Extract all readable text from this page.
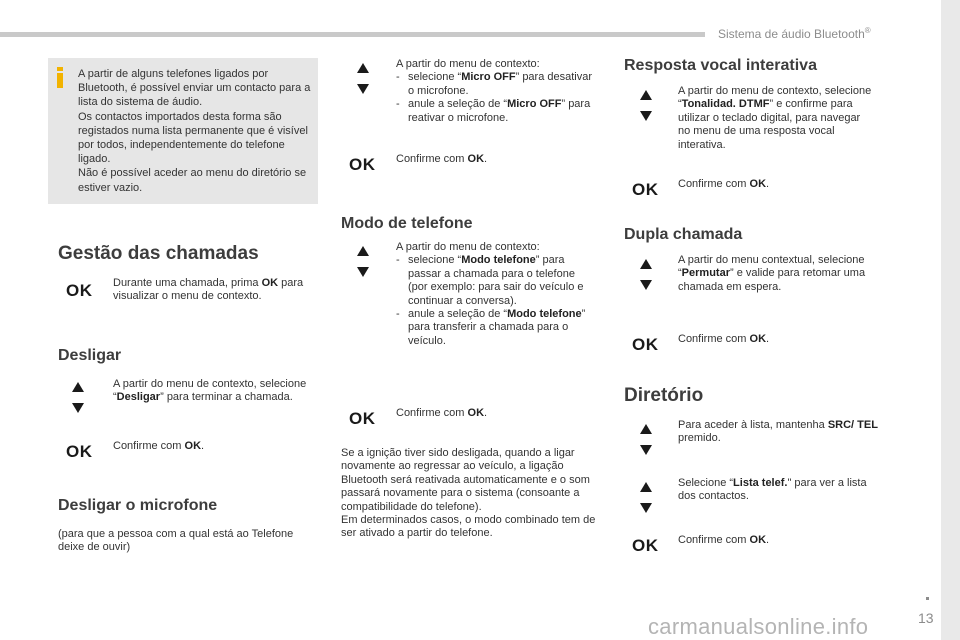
Sistema de áudio Bluetooth®
13
carmanualsonline.info
A partir de alguns telefones ligados por Bluetooth, é possível enviar um contacto para a lista do sistema de áudio.
Os contactos importados desta forma são registados numa lista permanente que é visível por todos, independentemente do telefone ligado.
Não é possível aceder ao menu do diretório se estiver vazio.
Gestão das chamadas
OK Durante uma chamada, prima OK para visualizar o menu de contexto.
Desligar
A partir do menu de contexto, selecione “Desligar” para terminar a chamada.
OK Confirme com OK.
Desligar o microfone
(para que a pessoa com a qual está ao Telefone deixe de ouvir)
A partir do menu de contexto:
- selecione “Micro OFF” para desativar o microfone.
- anule a seleção de “Micro OFF” para reativar o microfone.
OK Confirme com OK.
Modo de telefone
A partir do menu de contexto:
- selecione “Modo telefone” para passar a chamada para o telefone (por exemplo: para sair do veículo e continuar a conversa).
- anule a seleção de “Modo telefone” para transferir a chamada para o veículo.
OK Confirme com OK.
Se a ignição tiver sido desligada, quando a ligar novamente ao regressar ao veículo, a ligação Bluetooth será reativada automaticamente e o som passará novamente para o sistema (consoante a compatibilidade do telefone).
Em determinados casos, o modo combinado tem de ser ativado a partir do telefone.
Resposta vocal interativa
A partir do menu de contexto, selecione “Tonalidad. DTMF” e confirme para utilizar o teclado digital, para navegar no menu de uma resposta vocal interativa.
OK Confirme com OK.
Dupla chamada
A partir do menu contextual, selecione “Permutar” e valide para retomar uma chamada em espera.
OK Confirme com OK.
Diretório
Para aceder à lista, mantenha SRC/ TEL premido.
Selecione “Lista telef." para ver a lista dos contactos.
OK Confirme com OK.
